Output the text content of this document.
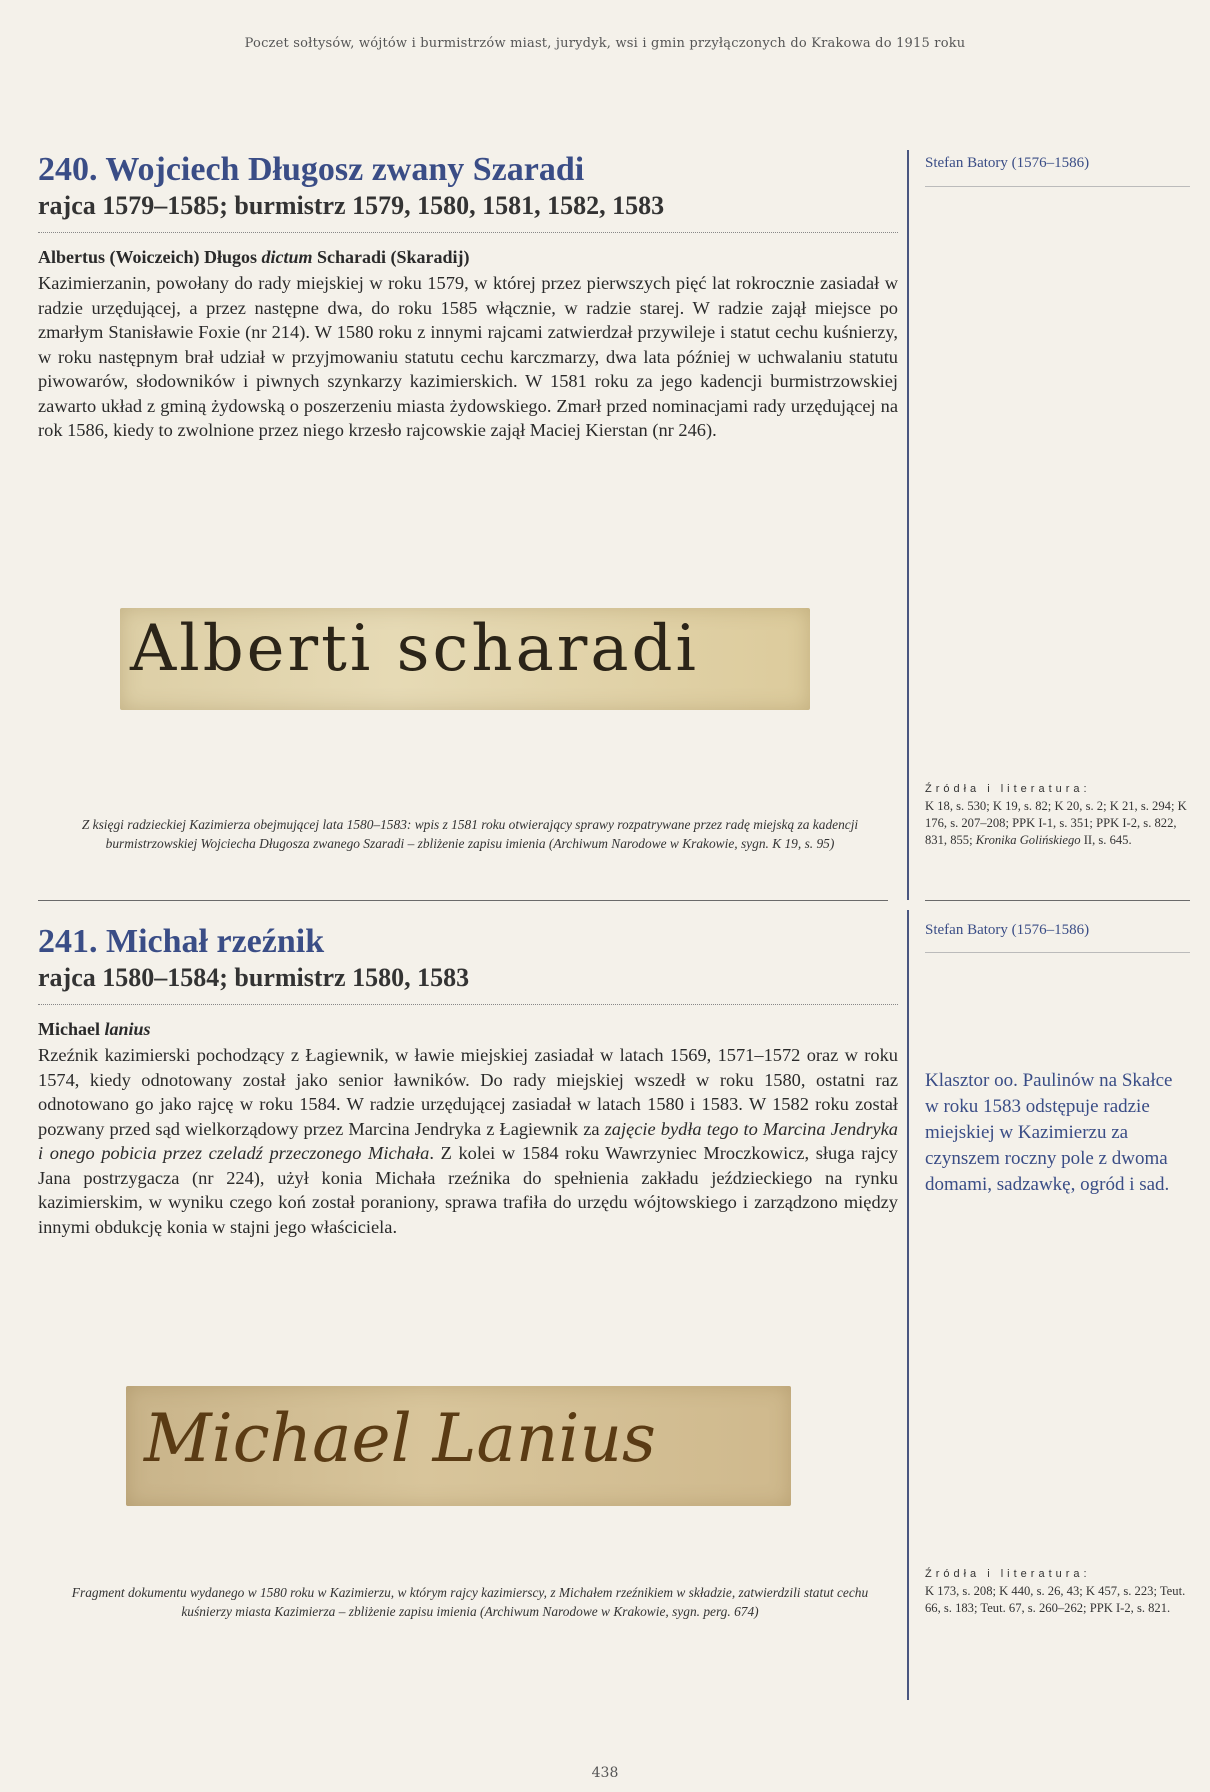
Poczet sołtysów, wójtów i burmistrzów miast, jurydyk, wsi i gmin przyłączonych do Krakowa do 1915 roku
240. Wojciech Długosz zwany Szaradi
rajca 1579–1585; burmistrz 1579, 1580, 1581, 1582, 1583

Albertus (Woiczeich) Długos dictum Scharadi (Skaradij)

Kazimierzanin, powołany do rady miejskiej w roku 1579, w której przez pierwszych pięć lat rokrocznie zasiadał w radzie urzędującej, a przez następne dwa, do roku 1585 włącznie, w radzie starej. W radzie zajął miejsce po zmarłym Stanisławie Foxie (nr 214). W 1580 roku z innymi rajcami zatwierdzał przywileje i statut cechu kuśnierzy, w roku następnym brał udział w przyjmowaniu statutu cechu karczmarzy, dwa lata później w uchwalaniu statutu piwowarów, słodowników i piwnych szynkarzy kazimierskich. W 1581 roku za jego kadencji burmistrzowskiej zawarto układ z gminą żydowską o poszerzeniu miasta żydowskiego. Zmarł przed nominacjami rady urzędującej na rok 1586, kiedy to zwolnione przez niego krzesło rajcowskie zajął Maciej Kierstan (nr 246).

Alberti scharadi
Z księgi radzieckiej Kazimierza obejmującej lata 1580–1583: wpis z 1581 roku otwierający sprawy rozpatrywane przez radę miejską za kadencji burmistrzowskiej Wojciecha Długosza zwanego Szaradi – zbliżenie zapisu imienia (Archiwum Narodowe w Krakowie, sygn. K 19, s. 95)
241. Michał rzeźnik
rajca 1580–1584; burmistrz 1580, 1583

Michael lanius

Rzeźnik kazimierski pochodzący z Łagiewnik, w ławie miejskiej zasiadał w latach 1569, 1571–1572 oraz w roku 1574, kiedy odnotowany został jako senior ławników. Do rady miejskiej wszedł w roku 1580, ostatni raz odnotowano go jako rajcę w roku 1584. W radzie urzędującej zasiadał w latach 1580 i 1583. W 1582 roku został pozwany przed sąd wielkorządowy przez Marcina Jendryka z Łagiewnik za zajęcie bydła tego to Marcina Jendryka i onego pobicia przez czeladź przeczonego Michała. Z kolei w 1584 roku Wawrzyniec Mroczkowicz, sługa rajcy Jana postrzygacza (nr 224), użył konia Michała rzeźnika do spełnienia zakładu jeździeckiego na rynku kazimierskim, w wyniku czego koń został poraniony, sprawa trafiła do urzędu wójtowskiego i zarządzono między innymi obdukcję konia w stajni jego właściciela.

Michael Lanius
Fragment dokumentu wydanego w 1580 roku w Kazimierzu, w którym rajcy kazimierscy, z Michałem rzeźnikiem w składzie, zatwierdzili statut cechu kuśnierzy miasta Kazimierza – zbliżenie zapisu imienia (Archiwum Narodowe w Krakowie, sygn. perg. 674)
Stefan Batory (1576–1586)

Źródła i literatura:

K 18, s. 530; K 19, s. 82; K 20, s. 2; K 21, s. 294; K 176, s. 207–208; PPK I-1, s. 351; PPK I-2, s. 822, 831, 855; Kronika Golińskiego II, s. 645.

Stefan Batory (1576–1586)

Klasztor oo. Paulinów na Skałce w roku 1583 odstępuje radzie miejskiej w Kazimierzu za czynszem roczny pole z dwoma domami, sadzawkę, ogród i sad.

Źródła i literatura:

K 173, s. 208; K 440, s. 26, 43; K 457, s. 223; Teut. 66, s. 183; Teut. 67, s. 260–262; PPK I-2, s. 821.

438
